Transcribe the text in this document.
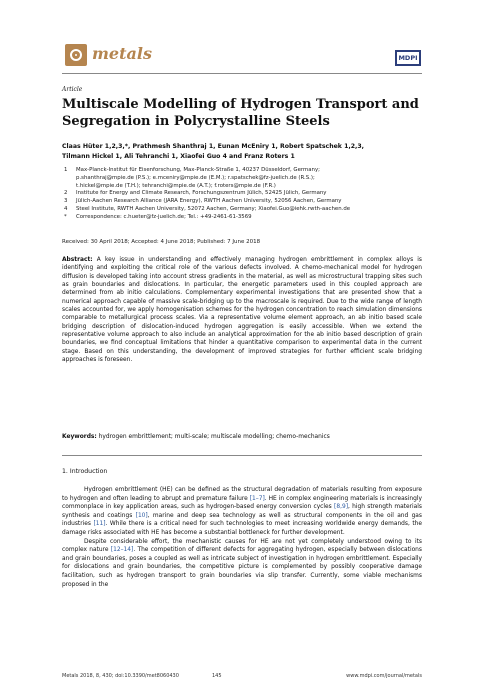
metals	MDPI
Article
Multiscale Modelling of Hydrogen Transport and Segregation in Polycrystalline Steels
Claas Hüter 1,2,3,*, Prathmesh Shanthraj 1, Eunan McEniry 1, Robert Spatschek 1,2,3,
Tilmann Hickel 1, Ali Tehranchi 1, Xiaofei Guo 4 and Franz Roters 1
1 Max-Planck-Institut für Eisenforschung, Max-Planck-Straße 1, 40237 Düsseldorf, Germany;
p.shanthraj@mpie.de (P.S.); e.mceniry@mpie.de (E.M.); r.spatschek@fz-juelich.de (R.S.);
t.hickel@mpie.de (T.H.); tehranchi@mpie.de (A.T.); f.roters@mpie.de (F.R.)
2 Institute for Energy and Climate Research, Forschungszentrum Jülich, 52425 Jülich, Germany
3 Jülich-Aachen Research Alliance (JARA Energy), RWTH Aachen University, 52056 Aachen, Germany
4 Steel Institute, RWTH Aachen University, 52072 Aachen, Germany; Xiaofei.Guo@iehk.rwth-aachen.de
* Correspondence: c.hueter@fz-juelich.de; Tel.: +49-2461-61-3569
Received: 30 April 2018; Accepted: 4 June 2018; Published: 7 June 2018
Abstract: A key issue in understanding and effectively managing hydrogen embrittlement in complex alloys is identifying and exploiting the critical role of the various defects involved. A chemo-mechanical model for hydrogen diffusion is developed taking into account stress gradients in the material, as well as microstructural trapping sites such as grain boundaries and dislocations. In particular, the energetic parameters used in this coupled approach are determined from ab initio calculations. Complementary experimental investigations that are presented show that a numerical approach capable of massive scale-bridging up to the macroscale is required. Due to the wide range of length scales accounted for, we apply homogenisation schemes for the hydrogen concentration to reach simulation dimensions comparable to metallurgical process scales. Via a representative volume element approach, an ab initio based scale bridging description of dislocation-induced hydrogen aggregation is easily accessible. When we extend the representative volume approach to also include an analytical approximation for the ab initio based description of grain boundaries, we find conceptual limitations that hinder a quantitative comparison to experimental data in the current stage. Based on this understanding, the development of improved strategies for further efficient scale bridging approaches is foreseen.
Keywords: hydrogen embrittlement; multi-scale; multiscale modelling; chemo-mechanics
1. Introduction

Hydrogen embrittlement (HE) can be defined as the structural degradation of materials resulting from exposure to hydrogen and often leading to abrupt and premature failure [1–7]. HE in complex engineering materials is increasingly commonplace in key application areas, such as hydrogen-based energy conversion cycles [8,9], high strength materials synthesis and coatings [10], marine and deep sea technology as well as structural components in the oil and gas industries [11]. While there is a critical need for such technologies to meet increasing worldwide energy demands, the damage risks associated with HE has become a substantial bottleneck for further development.

Despite considerable effort, the mechanistic causes for HE are not yet completely understood owing to its complex nature [12–14]. The competition of different defects for aggregating hydrogen, especially between dislocations and grain boundaries, poses a coupled as well as intricate subject of investigation in hydrogen embrittlement. Especially for dislocations and grain boundaries, the competitive picture is complemented by possibly cooperative damage facilitation, such as hydrogen transport to grain boundaries via slip transfer. Currently, some viable mechanisms proposed in the

Metals 2018, 8, 430; doi:10.3390/met8060430	145	www.mdpi.com/journal/metals
